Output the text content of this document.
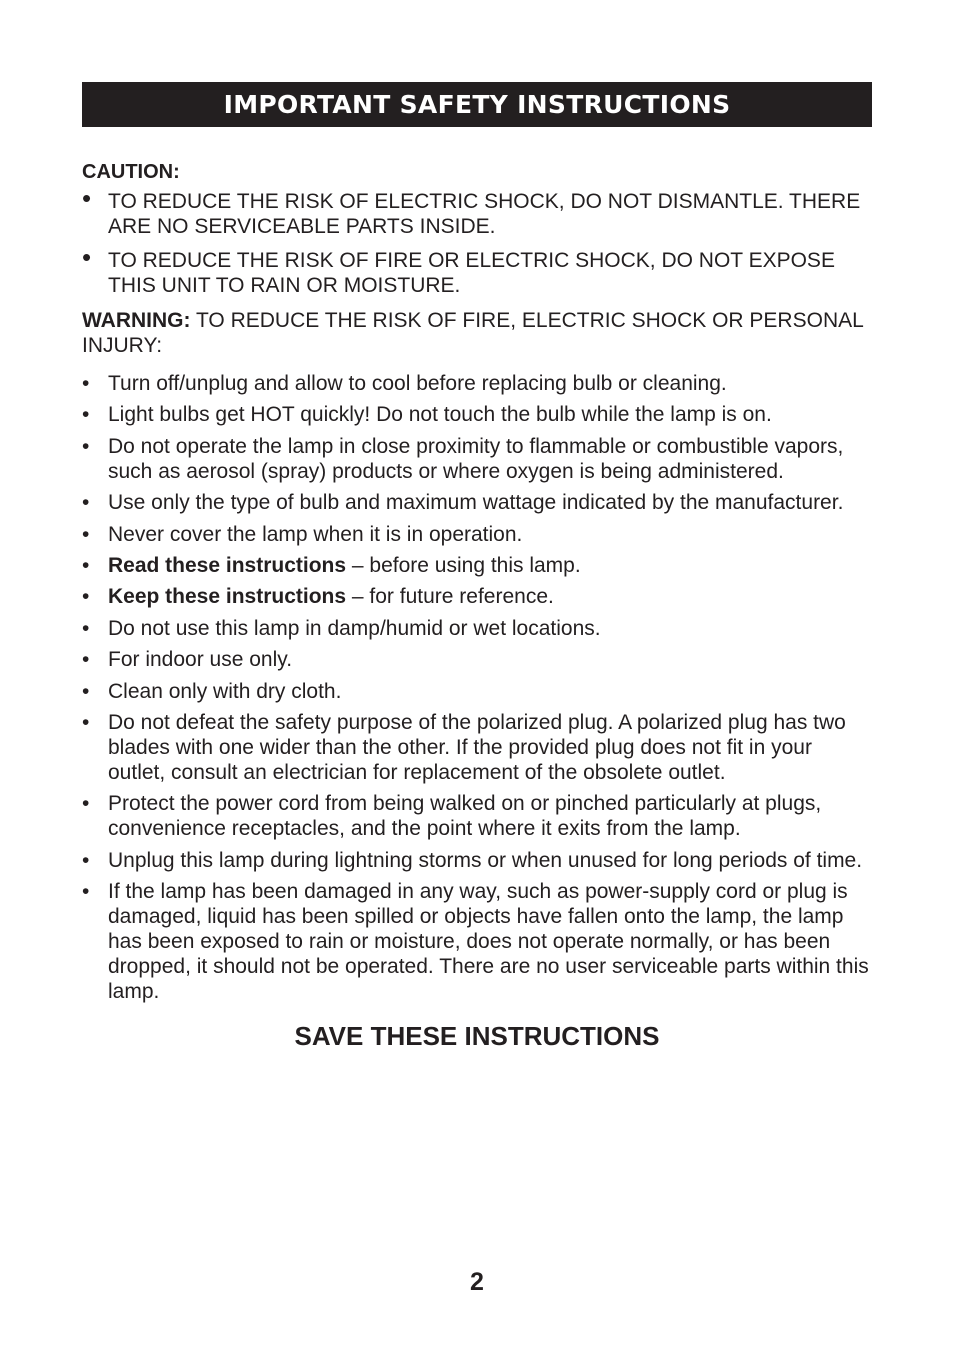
IMPORTANT SAFETY INSTRUCTIONS
CAUTION:
• TO REDUCE THE RISK OF ELECTRIC SHOCK, DO NOT DISMANTLE. THERE ARE NO SERVICEABLE PARTS INSIDE.
• TO REDUCE THE RISK OF FIRE OR ELECTRIC SHOCK, DO NOT EXPOSE THIS UNIT TO RAIN OR MOISTURE.
WARNING: TO REDUCE THE RISK OF FIRE, ELECTRIC SHOCK OR PERSONAL INJURY:
• Turn off/unplug and allow to cool before replacing bulb or cleaning.
• Light bulbs get HOT quickly! Do not touch the bulb while the lamp is on.
• Do not operate the lamp in close proximity to flammable or combustible vapors, such as aerosol (spray) products or where oxygen is being administered.
• Use only the type of bulb and maximum wattage indicated by the manufacturer.
• Never cover the lamp when it is in operation.
• Read these instructions – before using this lamp.
• Keep these instructions – for future reference.
• Do not use this lamp in damp/humid or wet locations.
• For indoor use only.
• Clean only with dry cloth.
• Do not defeat the safety purpose of the polarized plug. A polarized plug has two blades with one wider than the other. If the provided plug does not fit in your outlet, consult an electrician for replacement of the obsolete outlet.
• Protect the power cord from being walked on or pinched particularly at plugs, convenience receptacles, and the point where it exits from the lamp.
• Unplug this lamp during lightning storms or when unused for long periods of time.
• If the lamp has been damaged in any way, such as power-supply cord or plug is damaged, liquid has been spilled or objects have fallen onto the lamp, the lamp has been exposed to rain or moisture, does not operate normally, or has been dropped, it should not be operated. There are no user serviceable parts within this lamp.
SAVE THESE INSTRUCTIONS
2
